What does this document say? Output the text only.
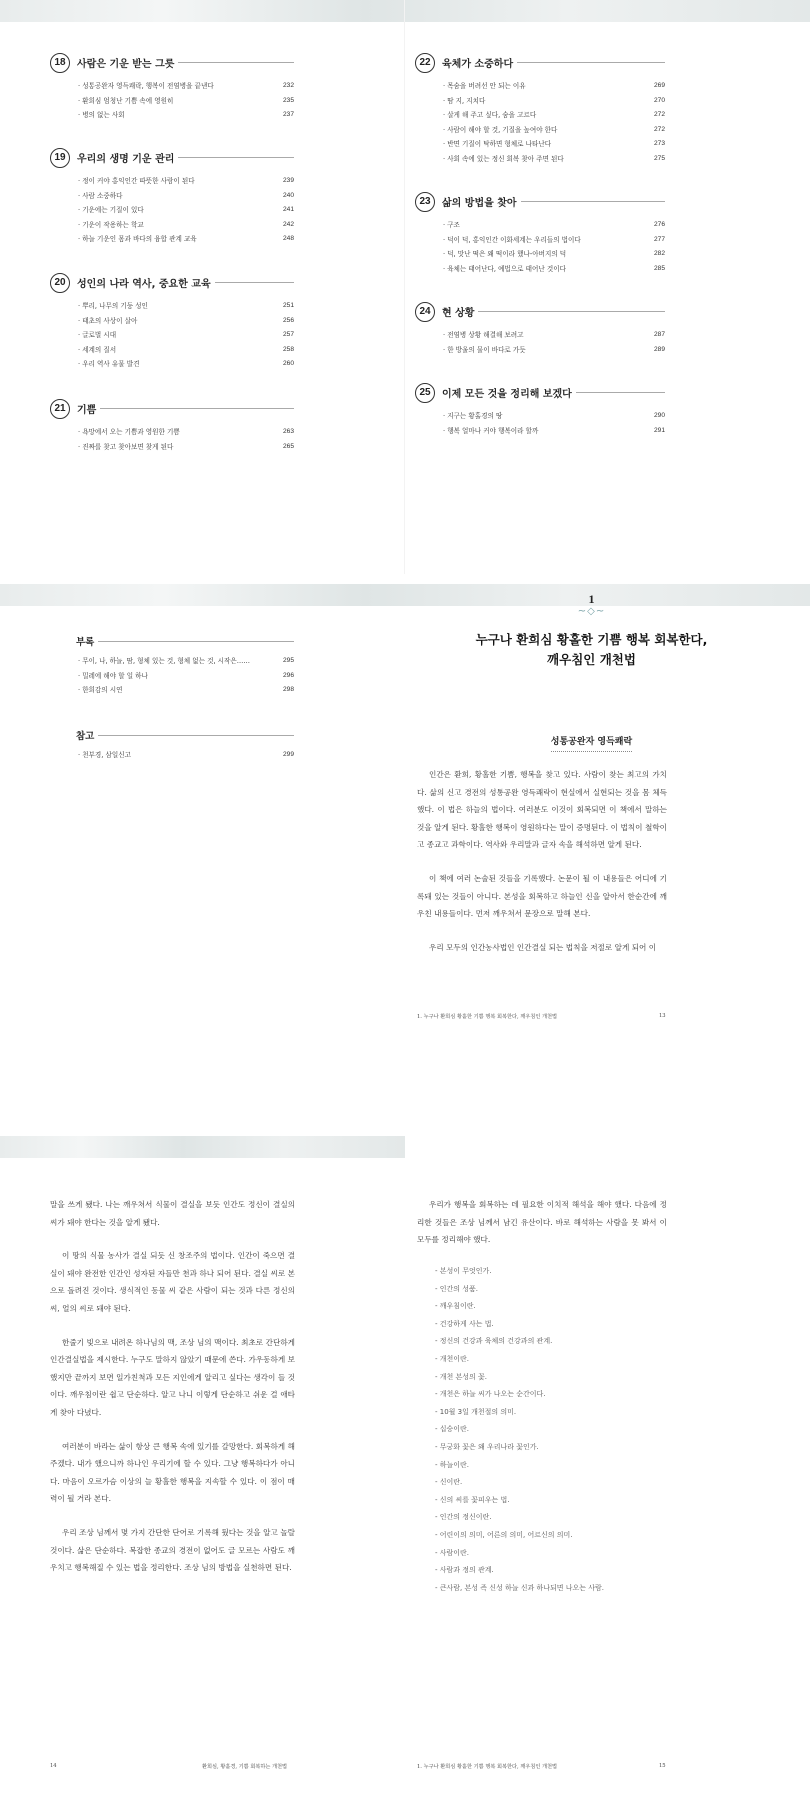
18	사람은 기운 받는 그릇
· 성통공완자 영득쾌락, 행복이 전염병을 끝낸다	232
· 환희심 엄청난 기쁨 속에 영원히	235
· 병의 없는 사회	237
19	우리의 생명 기운 관리
· 정이 커야 홍익인간 따뜻한 사람이 된다	239
· 사람 소중하다	240
· 기운에는 기질이 있다	241
· 기운이 작용하는 학교	242
· 하늘 기운인 몸과 바다의 융합 관계 교육	248
20	성인의 나라 역사, 중요한 교육
· 뿌리, 나무의 기둥 성인	251
· 태초의 사상이 살아	256
· 글로벌 시대	257
· 세계의 질서	258
· 우리 역사 유물 발견	260
21	기쁨
· 욕망에서 오는 기쁨과 영원한 기쁨	263
· 진짜를 찾고 찾아보면 찾게 된다	265
22	육체가 소중하다
· 목숨을 버려선 안 되는 이유	269
· 땀 지, 지치다	270
· 살게 해 주고 싶다, 숨을 고르다	272
· 사람이 해야 할 것, 기질을 높여야 한다	272
· 반면 기질이 탁하면 형체로 나타난다	273
· 사회 속에 있는 정신 회복 찾아 주면 된다	275
23	삶의 방법을 찾아
· 구조	276
· 덕이 덕, 홍익인간 이화세계는 우리들의 법이다	277
· 덕, 맛난 떡은 왜 떡이라 했나-아버지의 덕	282
· 육체는 태어난다, 예법으로 태어난 것이다	285
24	현 상황
· 전염병 상황 해결해 보려고	287
· 한 방울의 물이 바다로 가듯	289
25	이제 모든 것을 정리해 보겠다
· 지구는 황홀경의 땅	290
· 행복 얼마나 커야 행복이라 할까	291
부록
· 무이, 나, 하늘, 땀, 형체 있는 것, 형체 없는 것, 시작은……	295
· 밀레에 해야 할 일 하나	296
· 한희감의 시연	298
참고
· 천부경, 삼일신고	299
1
~◇~
누구나 환희심 황홀한 기쁨 행복 회복한다,
깨우침인 개천법
성통공완자 영득쾌락

인간은 환희, 황홀한 기쁨, 행복을 찾고 있다. 사람이 찾는 최고의 가치다. 삶의 신고 경전의 성통공완 영득쾌락이 현실에서 실현되는 것을 몸 체득했다. 이 법은 하늘의 법이다. 여러분도 이것이 회복되면 이 책에서 말하는 것을 알게 된다. 황홀한 행복이 영원하다는 말이 증명된다. 이 법칙이 철학이고 종교고 과학이다. 역사와 우리말과 글자 속을 해석하면 알게 된다.

이 책에 여러 논술된 것들을 기록했다. 논문이 될 이 내용들은 어디에 기록돼 있는 것들이 아니다. 본성을 회복하고 하늘인 신을 알아서 한순간에 깨우친 내용들이다. 먼저 깨우쳐서 문장으로 말해 본다.

우리 모두의 인간농사법인 인간결실 되는 법칙을 저절로 알게 되어 이

1. 누구나 환희심 황홀한 기쁨 행복 회복한다, 깨우침인 개천법	13

말을 쓰게 됐다. 나는 깨우쳐서 식물이 결실을 보듯 인간도 정신이 결실의 씨가 돼야 한다는 것을 알게 됐다.

이 땅의 식물 농사가 결실 되듯 신 창조주의 법이다. 인간이 죽으면 결실이 돼야 완전한 인간인 성자된 자들만 천과 하나 되어 된다. 결실 씨로 본으로 돌려진 것이다. 생식적인 동물 씨 같은 사람이 되는 것과 다른 정신의 씨, 얼의 씨로 돼야 된다.

한줄기 빛으로 내려온 하나님의 맥, 조상 님의 맥이다. 최초로 간단하게 인간결실법을 제시한다. 누구도 말하지 않았기 때문에 쓴다. 가우동하게 보했지만 끝까지 보면 일가친척과 모든 지인에게 알리고 싶다는 생각이 들 것이다. 깨우침이란 쉽고 단순하다. 알고 나니 이렇게 단순하고 쉬운 걸 애타게 찾아 다녔다.

여러분이 바라는 삶이 항상 큰 행복 속에 있기를 갈망한다. 회복하게 해 주겠다. 내가 했으니까 하나인 우리기에 할 수 있다. 그냥 행복하다가 아니다. 마음이 오르가슴 이상의 늘 황홀한 행복을 지속할 수 있다. 이 점이 매력이 될 거라 본다.

우리 조상 님께서 몇 가지 간단한 단어로 기록해 뒀다는 것을 알고 놀랄 것이다. 삶은 단순하다. 복잡한 종교의 경전이 없어도 글 모르는 사람도 깨우치고 행복해질 수 있는 법을 정리한다. 조상 님의 방법을 실천하면 된다.

14	환희심, 황홀경, 기쁨 회복하는 개천법

우리가 행복을 회복하는 데 필요한 이치적 해석을 해야 했다. 다음에 정리한 것들은 조상 님께서 남긴 유산이다. 바로 해석하는 사람을 못 봐서 이 모두를 정리해야 했다.

- 본성이 무엇인가.
- 인간의 성품.
- 깨우침이란.
- 건강하게 사는 법.
- 정신의 건강과 육체의 건강과의 관계.
- 개천이란.
- 개천 본성의 꽃.
- 개천은 하늘 씨가 나오는 순간이다.
- 10월 3일 개천절의 의미.
- 십승이란.
- 무궁화 꽃은 왜 우리나라 꽃인가.
- 하늘이란.
- 신이란.
- 신의 씨를 꽃피우는 법.
- 인간의 정신이란.
- 어린이의 의미, 어른의 의미, 어르신의 의미.
- 사람이란.
- 사람과 정의 관계.
- 큰사람, 본성 즉 신성 하늘 신과 하나되면 나오는 사람.
1. 누구나 환희심 황홀한 기쁨 행복 회복한다, 깨우침인 개천법	15
